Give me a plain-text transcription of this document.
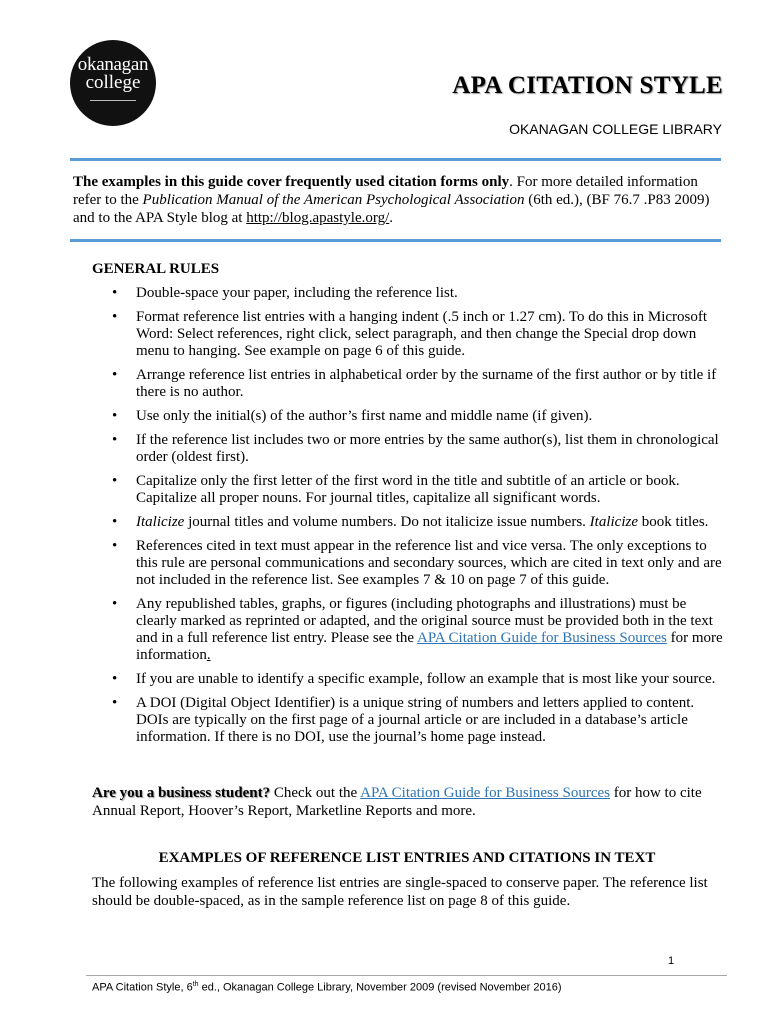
okanagan
college	APA CITATION STYLE
OKANAGAN COLLEGE LIBRARY

The examples in this guide cover frequently used citation forms only. For more detailed information refer to the Publication Manual of the American Psychological Association (6th ed.), (BF 76.7 .P83 2009) and to the APA Style blog at http://blog.apastyle.org/.

GENERAL RULES
• Double-space your paper, including the reference list.
• Format reference list entries with a hanging indent (.5 inch or 1.27 cm). To do this in Microsoft Word: Select references, right click, select paragraph, and then change the Special drop down menu to hanging. See example on page 6 of this guide.
• Arrange reference list entries in alphabetical order by the surname of the first author or by title if there is no author.
• Use only the initial(s) of the author’s first name and middle name (if given).
• If the reference list includes two or more entries by the same author(s), list them in chronological order (oldest first).
• Capitalize only the first letter of the first word in the title and subtitle of an article or book. Capitalize all proper nouns. For journal titles, capitalize all significant words.
• Italicize journal titles and volume numbers. Do not italicize issue numbers. Italicize book titles.
• References cited in text must appear in the reference list and vice versa. The only exceptions to this rule are personal communications and secondary sources, which are cited in text only and are not included in the reference list. See examples 7 & 10 on page 7 of this guide.
• Any republished tables, graphs, or figures (including photographs and illustrations) must be clearly marked as reprinted or adapted, and the original source must be provided both in the text and in a full reference list entry. Please see the APA Citation Guide for Business Sources for more information.
• If you are unable to identify a specific example, follow an example that is most like your source.
• A DOI (Digital Object Identifier) is a unique string of numbers and letters applied to content. DOIs are typically on the first page of a journal article or are included in a database’s article information. If there is no DOI, use the journal’s home page instead.

Are you a business student? Check out the APA Citation Guide for Business Sources for how to cite Annual Report, Hoover’s Report, Marketline Reports and more.

EXAMPLES OF REFERENCE LIST ENTRIES AND CITATIONS IN TEXT

The following examples of reference list entries are single-spaced to conserve paper. The reference list should be double-spaced, as in the sample reference list on page 8 of this guide.

1
APA Citation Style, 6th ed., Okanagan College Library, November 2009 (revised November 2016)
